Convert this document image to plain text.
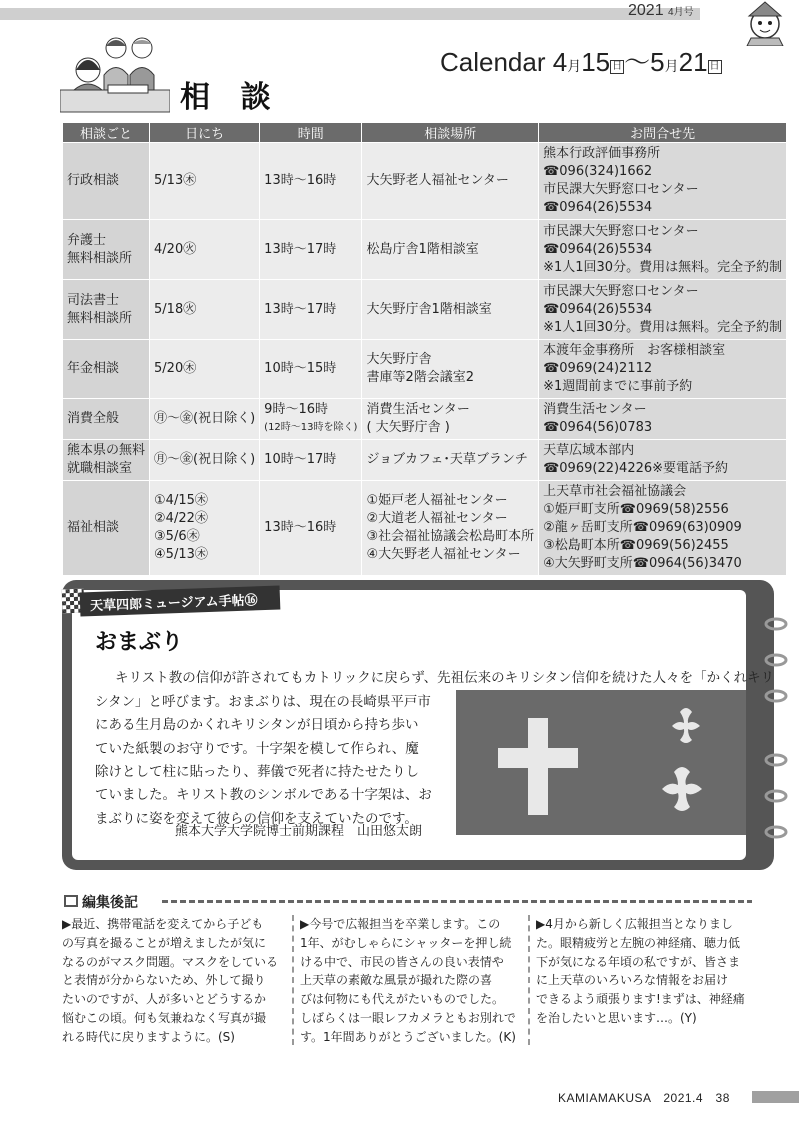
2021 4月号
Calendar 4月15 日～5月21 日
相 談
相談ごと	日にち	時間	相談場所	お問合せ先

行政相談	5/13㊍	13時～16時	大矢野老人福祉センター	熊本行政評価事務所
☎096(324)1662
市民課大矢野窓口センター
☎0964(26)5534

弁護士
無料相談所	4/20㊋	13時～17時	松島庁舎1階相談室	市民課大矢野窓口センター
☎0964(26)5534
※1人1回30分。費用は無料。完全予約制

司法書士
無料相談所	5/18㊋	13時～17時	大矢野庁舎1階相談室	市民課大矢野窓口センター
☎0964(26)5534
※1人1回30分。費用は無料。完全予約制

年金相談	5/20㊍	10時～15時	大矢野庁舎
書庫等2階会議室2	本渡年金事務所　お客様相談室
☎0969(24)2112
※1週間前までに事前予約

消費全般	㊊～㊎(祝日除く)	9時～16時
(12時～13時を除く)	消費生活センター
( 大矢野庁舎 )	消費生活センター
☎0964(56)0783

熊本県の無料
就職相談室	㊊～㊎(祝日除く)	10時～17時	ジョブカフェ･天草ブランチ	天草広域本部内
☎0969(22)4226※要電話予約

福祉相談	①4/15㊍
②4/22㊍
③5/6㊍
④5/13㊍	13時～16時	①姫戸老人福祉センター
②大道老人福祉センター
③社会福祉協議会松島町本所
④大矢野老人福祉センター	上天草市社会福祉協議会
①姫戸町支所☎0969(58)2556
②龍ヶ岳町支所☎0969(63)0909
③松島町本所☎0969(56)2455
④大矢野町支所☎0964(56)3470
天草四郎ミュージアム手帖⑯
おまぶり
キリスト教の信仰が許されてもカトリックに戻らず、先祖伝来のキリシタン信仰を続けた人々を「かくれキリ
シタン」と呼びます。おまぶりは、現在の長崎県平戸市
にある生月島のかくれキリシタンが日頃から持ち歩い
ていた紙製のお守りです。十字架を模して作られ、魔
除けとして柱に貼ったり、葬儀で死者に持たせたりし
ていました。キリスト教のシンボルである十字架は、お
まぶりに姿を変えて彼らの信仰を支えていたのです。
熊本大学大学院博士前期課程　山田悠太朗
編集後記

▶最近、携帯電話を変えてから子ども

の写真を撮ることが増えましたが気に

なるのがマスク問題。マスクをしている

と表情が分からないため、外して撮り

たいのですが、人が多いとどうするか

悩むこの頃。何も気兼ねなく写真が撮

れる時代に戻りますように。(S)

▶今号で広報担当を卒業します。この

1年、がむしゃらにシャッターを押し続

ける中で、市民の皆さんの良い表情や

上天草の素敵な風景が撮れた際の喜

びは何物にも代えがたいものでした。

しばらくは一眼レフカメラともお別れで

す。1年間ありがとうございました。(K)

▶4月から新しく広報担当となりまし

た。眼精疲労と左腕の神経痛、聴力低

下が気になる年頃の私ですが、皆さま

に上天草のいろいろな情報をお届け

できるよう頑張ります!まずは、神経痛

を治したいと思います…。(Y)

KAMIAMAKUSA　2021.4　38
